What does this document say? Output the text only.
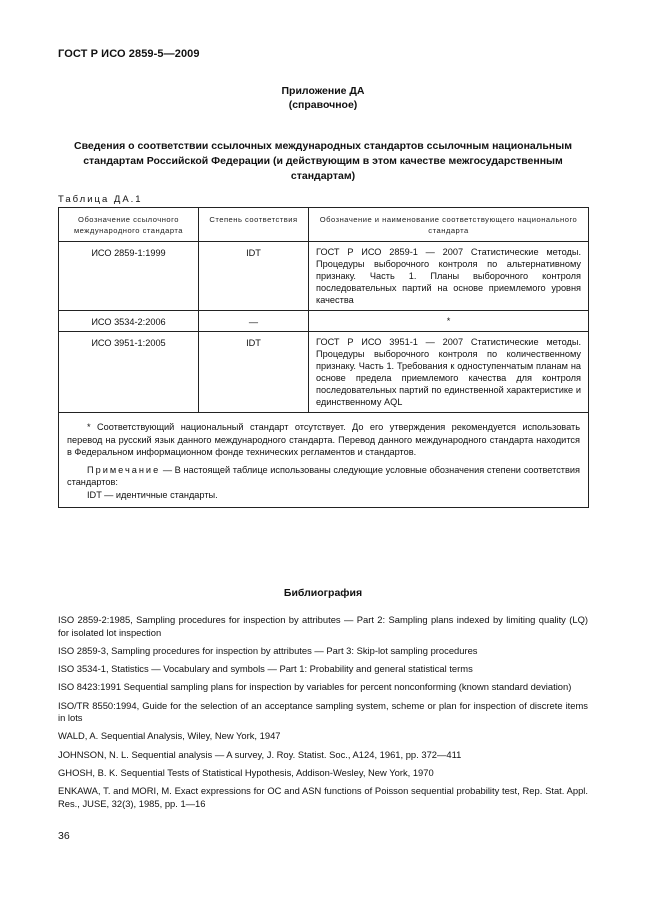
ГОСТ Р ИСО 2859-5—2009
Приложение ДА
(справочное)
Сведения о соответствии ссылочных международных стандартов ссылочным национальным стандартам Российской Федерации (и действующим в этом качестве межгосударственным стандартам)
Таблица ДА.1
Обозначение ссылочного международного стандарта	Степень соответствия	Обозначение и наименование соответствующего национального стандарта
ИСО 2859-1:1999	IDT	ГОСТ Р ИСО 2859-1 — 2007 Статистические методы. Процедуры выборочного контроля по альтернативному признаку. Часть 1. Планы выборочного контроля последовательных партий на основе приемлемого уровня качества
ИСО 3534-2:2006	—	*
ИСО 3951-1:2005	IDT	ГОСТ Р ИСО 3951-1 — 2007 Статистические методы. Процедуры выборочного контроля по количественному признаку. Часть 1. Требования к одноступенчатым планам на основе предела приемлемого качества для контроля последовательных партий по единственной характеристике и единственному AQL

* Соответствующий национальный стандарт отсутствует. До его утверждения рекомендуется использовать перевод на русский язык данного международного стандарта. Перевод данного международного стандарта находится в Федеральном информационном фонде технических регламентов и стандартов.

Примечание — В настоящей таблице использованы следующие условные обозначения степени соответствия стандартов:

IDT — идентичные стандарты.		

Библиография
ISO 2859-2:1985, Sampling procedures for inspection by attributes — Part 2: Sampling plans indexed by limiting quality (LQ) for isolated lot inspection
ISO 2859-3, Sampling procedures for inspection by attributes — Part 3: Skip-lot sampling procedures
ISO 3534-1, Statistics — Vocabulary and symbols — Part 1: Probability and general statistical terms
ISO 8423:1991 Sequential sampling plans for inspection by variables for percent nonconforming (known standard deviation)
ISO/TR 8550:1994, Guide for the selection of an acceptance sampling system, scheme or plan for inspection of discrete items in lots
WALD, A. Sequential Analysis, Wiley, New York, 1947
JOHNSON, N. L. Sequential analysis — A survey, J. Roy. Statist. Soc., A124, 1961, pp. 372—411
GHOSH, B. K. Sequential Tests of Statistical Hypothesis, Addison-Wesley, New York, 1970
ENKAWA, T. and MORI, M. Exact expressions for OC and ASN functions of Poisson sequential probability test, Rep. Stat. Appl. Res., JUSE, 32(3), 1985, pp. 1—16
36
